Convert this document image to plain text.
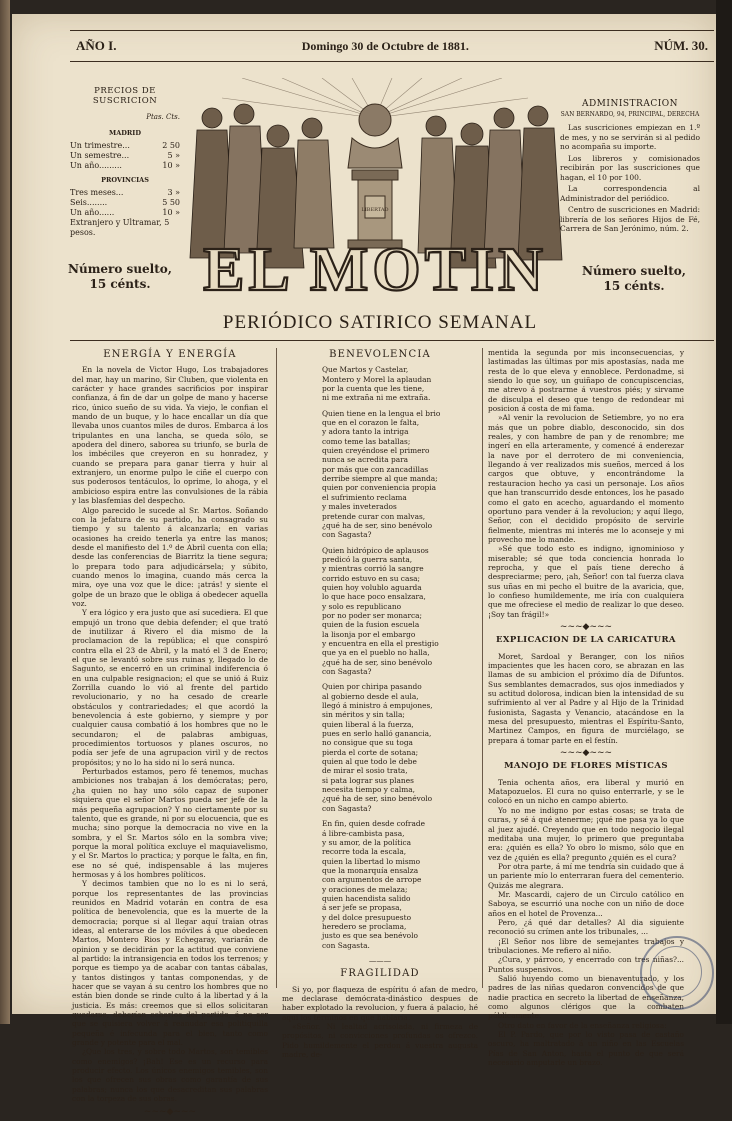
AÑO I.	Domingo 30 de Octubre de 1881.	NÚM. 30.
PRECIOS DE SUSCRICION
Ptas. Cts.
MADRID
Un trimestre...	2 50
Un semestre...	5 »
Un año.........	10 »
PROVINCIAS
Tres meses...	3 »
Seis........	5 50
Un año......	10 »
Extranjero y Ultramar, 5 pesos.
Número suelto,
15 cénts.
ADMINISTRACION
SAN BERNARDO, 94, PRINCIPAL, DERECHA

Las suscriciones empiezan en 1.º de mes, y no se servirán si al pedido no acompaña su importe.

Los libreros y comisionados recibirán por las suscriciones que hagan, el 10 por 100.

La correspondencia al Administrador del periódico.

Centro de suscriciones en Madrid: librería de los señores Hijos de Fé, Carrera de San Jerónimo, núm. 2.

Número suelto,
15 cénts.
LIBERTAD
EL MOTIN
PERIÓDICO SATIRICO SEMANAL
ENERGÍA Y ENERGÍA

En la novela de Victor Hugo, Los trabajadores del mar, hay un marino, Sir Cluben, que violenta en carácter y hace grandes sacrificios por inspirar confianza, á fin de dar un golpe de mano y hacerse rico, único sueño de su vida. Ya viejo, le confian el mando de un buque, y lo hace encallar un día que llevaba unos cuantos miles de duros. Embarca á los tripulantes en una lancha, se queda sólo, se apodera del dinero, saborea su triunfo, se burla de los imbéciles que creyeron en su honradez, y cuando se prepara para ganar tierra y huir al extranjero, un enorme pulpo le ciñe el cuerpo con sus poderosos tentáculos, lo oprime, lo ahoga, y el ambicioso espira entre las convulsiones de la rábia y las blasfemias del despecho.

Algo parecido le sucede al Sr. Martos. Soñando con la jefatura de su partido, ha consagrado su tiempo y su talento á alcanzarla; en varias ocasiones ha creido tenerla ya entre las manos; desde el manifiesto del 1.º de Abril cuenta con ella; desde las conferencias de Biarritz la tiene segura; lo prepara todo para adjudicársela; y súbito, cuando menos lo imagina, cuando más cerca la mira, oye una voz que le dice: ¡atrás! y siente el golpe de un brazo que le obliga á obedecer aquella voz.

Y era lógico y era justo que así sucediera. El que empujó un trono que debia defender; el que trató de inutilizar á Rivero el dia mismo de la proclamacion de la república; el que conspiró contra ella el 23 de Abril, y la mató el 3 de Enero; el que se levantó sobre sus ruinas y, llegado lo de Sagunto, se encerró en un criminal indiferencia ó en una culpable resignacion; el que se unió á Ruiz Zorrilla cuando lo vió al frente del partido revolucionario, y no ha cesado de crearle obstáculos y contrariedades; el que acordó la benevolencia á este gobierno, y siempre y por cualquier causa combatió á los hombres que no le secundaron; el de palabras ambiguas, procedimientos tortuosos y planes oscuros, no podía ser jefe de una agrupacion viril y de rectos propósitos; y no lo ha sido ni lo será nunca.

Perturbados estamos, pero fé tenemos, muchas ambiciones nos trabajan á los demócratas; pero, ¿ha quien no hay uno sólo capaz de suponer siquiera que el señor Martos pueda ser jefe de la más pequeña agrupacion? Y no ciertamente por su talento, que es grande, ni por su elocuencia, que es mucha; sino porque la democracia no vive en la sombra, y el Sr. Martos sólo en la sombra vive; porque la moral política excluye el maquiavelismo, y el Sr. Martos lo practica; y porque le falta, en fin, ese no sé qué, indispensable á las mujeres hermosas y á los hombres políticos.

Y decimos tambien que no lo es ni lo será, porque los representantes de las provincias reunidos en Madrid votarán en contra de esa política de benevolencia, que es la muerte de la democracia; porque si al llegar aquí traian otras ideas, al enterarse de los móviles á que obedecen Martos, Montero Rios y Echegaray, variarán de opinion y se decidirán por la actitud que conviene al partido: la intransigencia en todos los terrenos; y porque es tiempo ya de acabar con tantas cábalas, y tantos distingos y tantas componendas, y de hacer que se vayan á su centro los hombres que no están bien donde se rinde culto á la libertad y á la justicia. Es más: creemos que si ellos solicitaran quedarse, deberían echarlos del partido, á no ser que se quisiera volver á reanudar esa politiquilla pequeña é infecunda para el bien, tanto como grande y potente para el mal.

¿Que los tres, y sobre todo Martos, son temibles como enemigos? ¡Bah! Ese es un recurso para producir efecto. Los únicos enemigos temibles, son los que ofrecen sus obras como garantía de sus palabras; nunca los que desacreditan sus palabras con la torpeza de sus obras.

~~~◆~~~
BENEVOLENCIA

Que Martos y Castelar,

Montero y Morel la aplaudan

por la cuenta que les tiene,

ni me extraña ni me extraña.

Quien tiene en la lengua el brio

que en el corazon le falta,

y adora tanto la intriga

como teme las batallas;

quien creyéndose el primero

nunca se acredita para

por más que con zancadillas

derribe siempre al que manda;

quien por conveniencia propia

el sufrimiento reclama

y males inveterados

pretende curar con malvas,

¿qué ha de ser, sino benévolo

con Sagasta?

Quien hidrópico de aplausos

predicó la guerra santa,

y mientras corrió la sangre

corrido estuvo en su casa;

quien hoy volublo aguarda

lo que hace poco ensalzara,

y solo es republicano

por no poder ser monarca;

quien de la fusion escuela

la lisonja por el embargo

y encuentra en ella el prestigio

que ya en el pueblo no halla,

¿qué ha de ser, sino benévolo

con Sagasta?

Quien por chiripa pasando

al gobierno desde el aula,

llegó á ministro á empujones,

sin méritos y sin talla;

quien liberal á la fuerza,

pues en serlo halló ganancia,

no consigue que su toga

pierda el corte de sotana;

quien al que todo le debe

de mirar el sosio trata,

si pata lograr sus planes

necesita tiempo y calma,

¿qué ha de ser, sino benévolo

con Sagasta?

En fin, quien desde cofrade

á libre-cambista pasa,

y su amor, de la política

recorre toda la escala,

quien la libertad lo mismo

que la monarquía ensalza

con argumentos de arrope

y oraciones de melaza;

quien hacendista salido

á ser jefe se propasa,

y del dolce presupuesto

heredero se proclama,

justo es que sea benévolo

con Sagasta.

———
FRAGILIDAD

Si yo, por flaqueza de espíritu ó afan de medro, me declarase demócrata-dinástico despues de haber explotado la revolucion, y fuera á palacio, hé aquí los términos en que hablaría:

«Señor. Ni lealtad acrisolada, ni firmeza de propósitos, ni convicciones profundas os ofrezco. Pido humildemente el perdon á vuestra augusta madre, de-

mentida la segunda por mis inconsecuencias, y lastimadas las últimas por mis apostasías, nada me resta de lo que eleva y ennoblece. Perdonadme, si siendo lo que soy, un guiñapo de concupiscencias, me atrevo á postrarme á vuestros piés; y sirvame de disculpa el deseo que tengo de redondear mi posicion á costa de mi fama.

»Al venir la revolucion de Setiembre, yo no era más que un pobre diablo, desconocido, sin dos reales, y con hambre de pan y de renombre; me ingerí en ella arteramente, y comencé á enderezar la nave por el derrotero de mi conveniencia, llegando á ver realizados mis sueños, merced á los cargos que obtuve, y encontrándome la restauracion hecho ya casi un personaje. Los años que han transcurrido desde entonces, los he pasado como el gato en acecho, aguardando el momento oportuno para vender á la revolucion; y aquí llego, Señor, con el decidido propósito de servirle fielmente, mientras mi interés me lo aconseje y mi provecho me lo mande.

»Sé que todo esto es indigno, ignominioso y miserable; sé que toda conciencia honrada lo reprocha, y que el país tiene derecho á despreciarme; pero, ¡ah, Señor! con tal fuerza clava sus uñas en mi pecho el buitre de la avaricia, que, lo confieso humildemente, me iría con cualquiera que me ofreciese el medio de realizar lo que deseo. ¡Soy tan frágil!»

~~~◆~~~
EXPLICACION DE LA CARICATURA

Moret, Sardoal y Beranger, con los niños impacientes que les hacen coro, se abrazan en las llamas de su ambicion el próximo día de Difuntos. Sus semblantes demacrados, sus ojos inmediados y su actitud dolorosa, indican bien la intensidad de su sufrimiento al ver al Padre y al Hijo de la Trinidad fusionista, Sagasta y Venancio, atacándose en la mesa del presupuesto, mientras el Espíritu-Santo, Martinez Campos, en figura de murciélago, se prepara á tomar parte en el festín.

~~~◆~~~
MANOJO DE FLORES MÍSTICAS

Tenia ochenta años, era liberal y murió en Matapozuelos. El cura no quiso enterrarle, y se le colocó en un nicho en campo abierto.

Yo no me indigno por estas cosas; se trata de curas, y sé á qué atenerme; ¡qué me pasa ya lo que al juez ajudé. Creyendo que en todo negocio ilegal meditaba una mujer, lo primero que preguntaba era: ¿quién es ella? Yo obro lo mismo, sólo que en vez de ¿quién es ella? pregunto ¿quién es el cura?

Por otra parte, á mí me tendría sin cuidado que á un pariente mío lo enterraran fuera del cementerio. Quizás me alegrara.

Mr. Mascardi, cajero de un Circulo católico en Saboya, se escurrió una noche con un niño de doce años en el hotel de Provenza...

Pero, ¿á qué dar detalles? Al dia siguiente reconoció su crímen ante los tribunales, ...

¡El Señor nos libre de semejantes trabajos y tribulaciones. Me refiero al niño.

¿Cura, y párroco, y encerrado con tres niñas?... Puntos suspensivos.

Salió huyendo como un bienaventurado, y los padres de las niñas quedaron convencidos de que nadie practica en secreto la libertad de enseñanza, como algunos clérigos que la combaten públicamente.

Otro dato en favor de la enseñanza religiosa:

El P. Pardo, que por lo visto pasa de castaño oscuro, ha maltratado á un niño en las Escuelas Pías de San Anton, hasta el punto de que será necesario amputarle un brazo.
